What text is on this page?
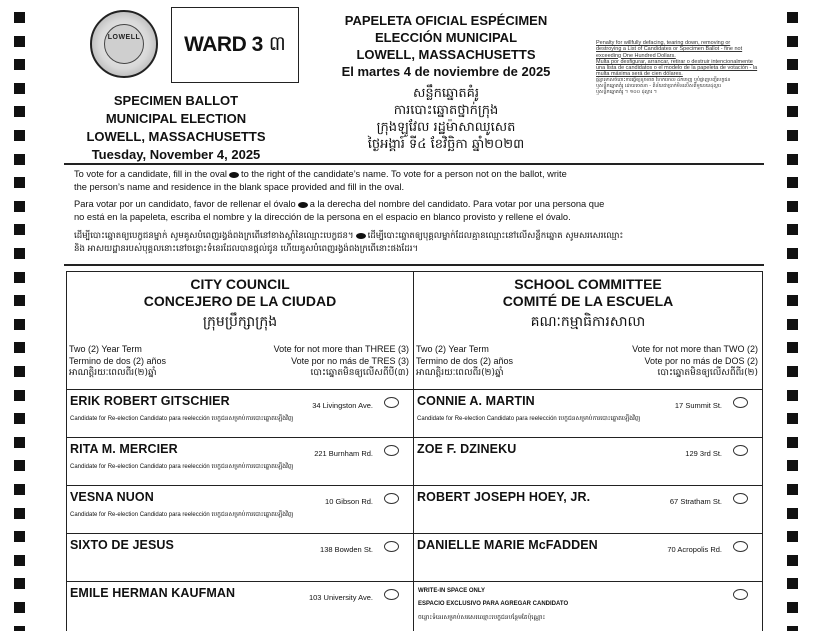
LOWELL	WARD 3 ៣
PAPELETA OFICIAL ESPÉCIMEN
ELECCIÓN MUNICIPAL
LOWELL, MASSACHUSETTS
El martes 4 de noviembre de 2025
សន្លឹកឆ្នោតគំរូ
ការបោះឆ្នោតថ្នាក់ក្រុង
ក្រុងឡូវែល រដ្ឋម៉ាសាឈូសេត
ថ្ងៃអង្គារ៍ ទី៤ ខែវិច្ឆិកា ឆ្នាំ២០២៣
SPECIMEN BALLOT
MUNICIPAL ELECTION
LOWELL, MASSACHUSETTS
Tuesday, November 4, 2025
Penalty for willfully defacing, tearing down, removing or
destroying a List of Candidates or Specimen Ballot - fine not
exceeding One Hundred Dollars.
Multa por desfigurar, arrancar, retirar o destruir intencionalmente
una lista de candidatos o el modelo de la papeleta de votación - la
multa máxima será de cien dólares.
ផ្ដន្ទាទោសចំពោះការធ្វើឲ្យខូចខាត ហែកចោល ដកចេញ ឬបំផ្លាញបញ្ជីបេក្ខជន
ឬសន្លឹកឆ្នោតគំរូ ដោយចេតនា - ពិន័យជាប្រាក់មិនលើសពីមួយរយដុល្លារ
ឬសន្លឹកឆ្នោតគំរូ ។ ១០០ ដុល្លារ ។
To vote for a candidate, fill in the oval to the right of the candidate’s name. To vote for a person not on the ballot, write
the person’s name and residence in the blank space provided and fill in the oval.
Para votar por un candidato, favor de rellenar el óvalo a la derecha del nombre del candidato. Para votar por una persona que
no está en la papeleta, escriba el nombre y la dirección de la persona en el espacio en blanco provisto y rellene el óvalo.
ដើម្បីបោះឆ្នោតឲ្យបេក្ខជនម្នាក់ សូមគូសបំពេញរង្វង់ពងក្រពើនៅខាងស្ដាំនៃឈ្មោះបេក្ខជន។ ដើម្បីបោះឆ្នោតឲ្យបុគ្គលម្នាក់ដែលគ្មានឈ្មោះនៅលើសន្លឹកឆ្នោត សូមសរសេរឈ្មោះ
និង អាសយដ្ឋានរបស់បុគ្គលនោះនៅចន្លោះទំនេរដែលបានផ្ដល់ជូន ហើយគូសបំពេញរង្វង់ពងក្រពើនោះផងដែរ។
CITY COUNCIL
CONCEJERO DE LA CIUDAD
ក្រុមប្រឹក្សាក្រុង
Two (2) Year Term
Termino de dos (2) años
អាណត្តិរយៈពេលពីរ(២)ឆ្នាំ
Vote for not more than THREE (3)
Vote por no más de TRES (3)
បោះឆ្នោតមិនឲ្យលើសពីបី(៣)
ERIK ROBERT GITSCHIER	34 Livingston Ave.
Candidate for Re-election Candidato para reelección បេក្ខជនសម្រាប់ការបោះឆ្នោតឡើងវិញ
RITA M. MERCIER	221 Burnham Rd.
Candidate for Re-election Candidato para reelección បេក្ខជនសម្រាប់ការបោះឆ្នោតឡើងវិញ
VESNA NUON	10 Gibson Rd.
Candidate for Re-election Candidato para reelección បេក្ខជនសម្រាប់ការបោះឆ្នោតឡើងវិញ
SIXTO DE JESUS	138 Bowden St.
EMILE HERMAN KAUFMAN	103 University Ave.
SCHOOL COMMITTEE
COMITÉ DE LA ESCUELA
គណៈកម្មាធិការសាលា
Two (2) Year Term
Termino de dos (2) años
អាណត្តិរយៈពេលពីរ(២)ឆ្នាំ
Vote for not more than TWO (2)
Vote por no más de DOS (2)
បោះឆ្នោតមិនឲ្យលើសពីពីរ(២)
CONNIE A. MARTIN	17 Summit St.
Candidate for Re-election Candidato para reelección បេក្ខជនសម្រាប់ការបោះឆ្នោតឡើងវិញ
ZOE F. DZINEKU	129 3rd St.
ROBERT JOSEPH HOEY, JR.	67 Stratham St.
DANIELLE MARIE McFADDEN	70 Acropolis Rd.
WRITE-IN SPACE ONLY
ESPACIO EXCLUSIVO PARA AGREGAR CANDIDATO
ចន្លោះទំនេរសម្រាប់សរសេរឈ្មោះបេក្ខជនបន្ថែមតែប៉ុណ្ណោះ
